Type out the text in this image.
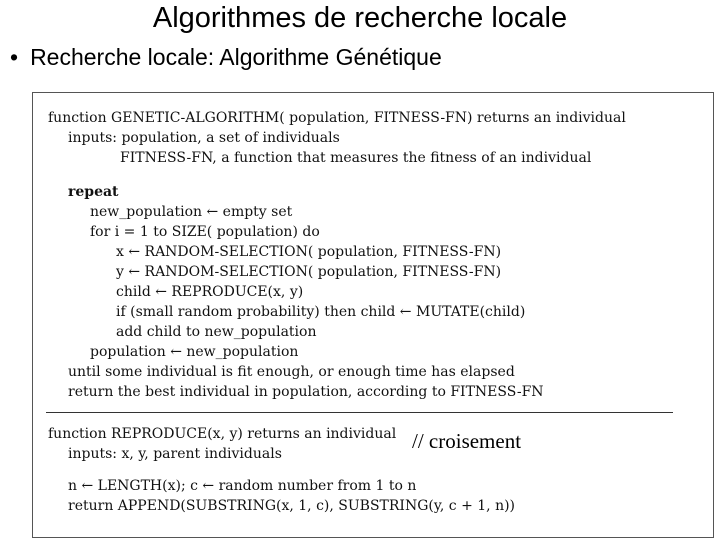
Algorithmes de recherche locale
• Recherche locale: Algorithme Génétique
function GENETIC-ALGORITHM( population, FITNESS-FN) returns an individual
inputs: population, a set of individuals
FITNESS-FN, a function that measures the fitness of an individual
repeat
new_population ← empty set
for i = 1 to SIZE( population) do
x ← RANDOM-SELECTION( population, FITNESS-FN)
y ← RANDOM-SELECTION( population, FITNESS-FN)
child ← REPRODUCE(x, y)
if (small random probability) then child ← MUTATE(child)
add child to new_population
population ← new_population
until some individual is fit enough, or enough time has elapsed
return the best individual in population, according to FITNESS-FN
function REPRODUCE(x, y) returns an individual
inputs: x, y, parent individuals
n ← LENGTH(x); c ← random number from 1 to n
return APPEND(SUBSTRING(x, 1, c), SUBSTRING(y, c + 1, n))
// croisement
